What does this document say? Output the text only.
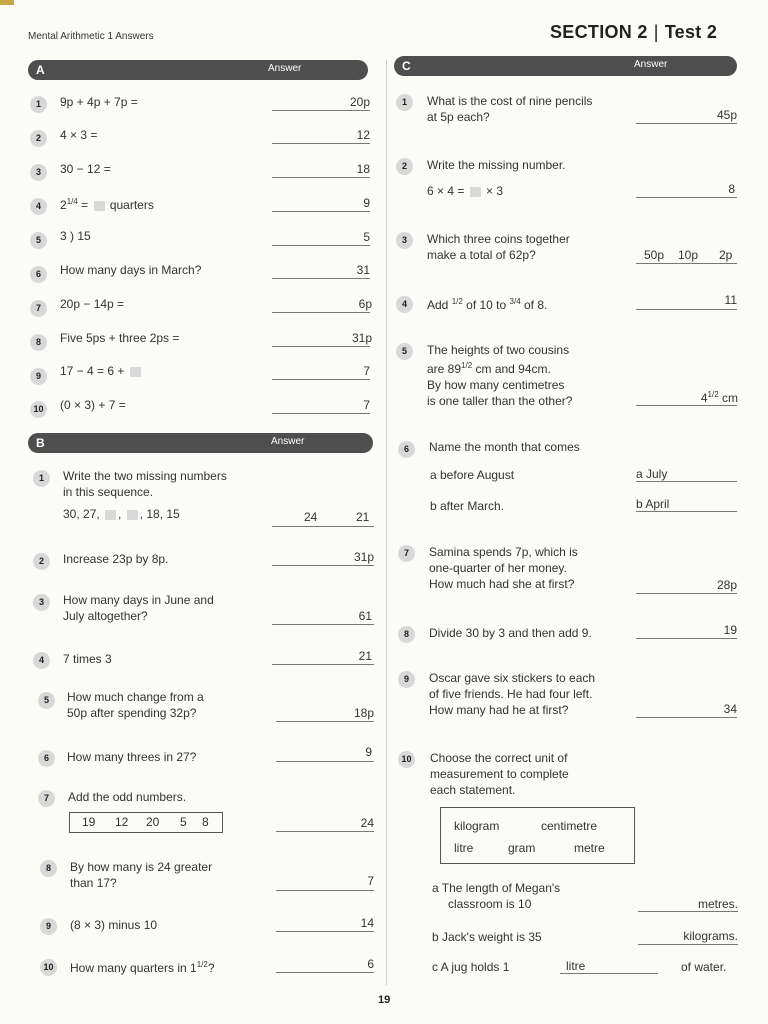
Mental Arithmetic 1 Answers	SECTION 2 | Test 2
A	Answer
1	9p + 4p + 7p =	20p
2	4 × 3 =	12
3	30 − 12 =	18
4	$2^{1/4}$ =  quarters	9
5	3 ) 15	5
6	How many days in March?	31
7	20p − 14p =	6p
8	Five 5ps + three 2ps =	31p
9	17 − 4 = 6 +	7
10 (0 × 3) + 7 =	7
B	Answer
1	Write the two missing numbers
in this sequence.
30, 27, , , 18, 15	24	21
2	Increase 23p by 8p.	31p
3	How many days in June and
July altogether?	61
4	7 times 3	21
5	How much change from a
50p after spending 32p?	18p
6	How many threes in 27?	9
7	Add the odd numbers.
19 12 20 5 8	24
8	By how many is 24 greater
than 17?	7
9	(8 × 3) minus 10	14
10 How many quarters in $1^{1/2}$?	6
C	Answer
1	What is the cost of nine pencils
at 5p each?	45p
2	Write the missing number.
6 × 4 =  × 3	8
3	Which three coins together
make a total of 62p?	50p 10p 2p
4	Add $^{1/2}$ of 10 to $^{3/4}$ of 8.	11
5	The heights of two cousins
are $89^{1/2}$ cm and 94cm.
By how many centimetres
is one taller than the other?	$4^{1/2}$ cm
6	Name the month that comes
a before August	a July
b after March.	b April
7	Samina spends 7p, which is
one-quarter of her money.
How much had she at first?	28p
8	Divide 30 by 3 and then add 9.	19
9	Oscar gave six stickers to each
of five friends. He had four left.
How many had he at first?	34
10 Choose the correct unit of
measurement to complete
each statement.
kilogram	centimetre
litre	gram	metre
a The length of Megan's
classroom is 10	metres.
b Jack's weight is 35	kilograms.
c A jug holds 1	litre	of water.
19
